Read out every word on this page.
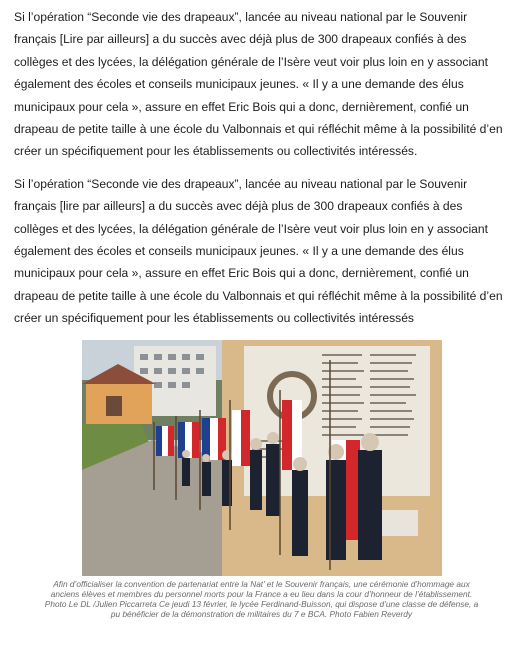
Si l’opération “Seconde vie des drapeaux”, lancée au niveau national par le Souvenir français [Lire par ailleurs] a du succès avec déjà plus de 300 drapeaux confiés à des collèges et des lycées, la délégation générale de l’Isère veut voir plus loin en y associant également des écoles et conseils municipaux jeunes. « Il y a une demande des élus municipaux pour cela », assure en effet Eric Bois qui a donc, dernièrement, confié un drapeau de petite taille à une école du Valbonnais et qui réfléchit même à la possibilité d’en créer un spécifiquement pour les établissements ou collectivités intéressés.

Si l’opération “Seconde vie des drapeaux”, lancée au niveau national par le Souvenir français [lire par ailleurs] a du succès avec déjà plus de 300 drapeaux confiés à des collèges et des lycées, la délégation générale de l’Isère veut voir plus loin en y associant également des écoles et conseils municipaux jeunes. « Il y a une demande des élus municipaux pour cela », assure en effet Eric Bois qui a donc, dernièrement, confié un drapeau de petite taille à une école du Valbonnais et qui réfléchit même à la possibilité d’en créer un spécifiquement pour les établissements ou collectivités intéressés

Afin d’officialiser la convention de partenariat entre la Nat’ et le Souvenir français, une cérémonie d’hommage aux
anciens élèves et membres du personnel morts pour la France a eu lieu dans la cour d’honneur de l’établissement.
Photo Le DL /Julien Piccarreta Ce jeudi 13 février, le lycée Ferdinand-Buisson, qui dispose d’une classe de défense, a
pu bénéficier de la démonstration de militaires du 7 e BCA. Photo Fabien Reverdy
